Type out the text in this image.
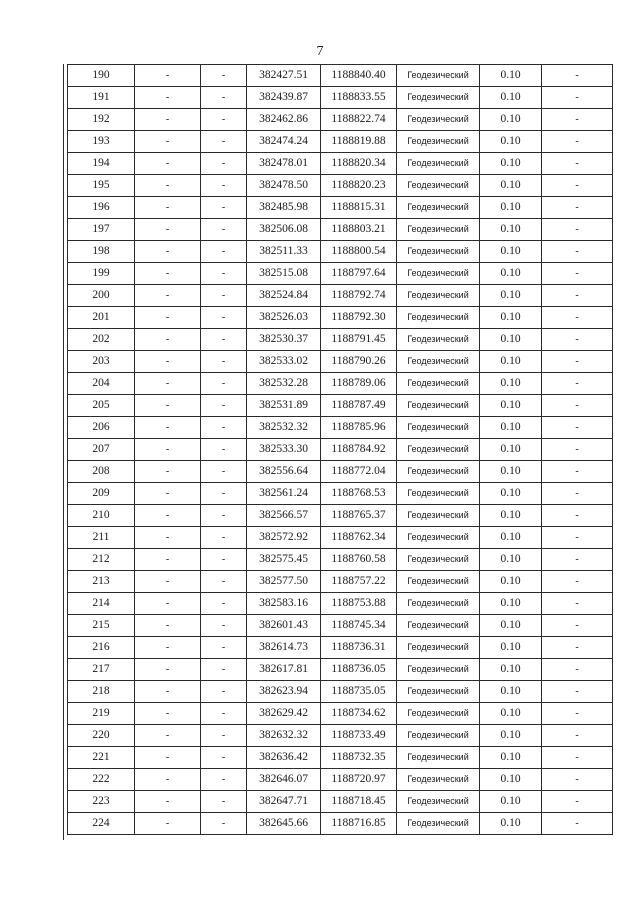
7
190	-	-	382427.51	1188840.40	Геодезический	0.10	-
191	-	-	382439.87	1188833.55	Геодезический	0.10	-
192	-	-	382462.86	1188822.74	Геодезический	0.10	-
193	-	-	382474.24	1188819.88	Геодезический	0.10	-
194	-	-	382478.01	1188820.34	Геодезический	0.10	-
195	-	-	382478.50	1188820.23	Геодезический	0.10	-
196	-	-	382485.98	1188815.31	Геодезический	0.10	-
197	-	-	382506.08	1188803.21	Геодезический	0.10	-
198	-	-	382511.33	1188800.54	Геодезический	0.10	-
199	-	-	382515.08	1188797.64	Геодезический	0.10	-
200	-	-	382524.84	1188792.74	Геодезический	0.10	-
201	-	-	382526.03	1188792.30	Геодезический	0.10	-
202	-	-	382530.37	1188791.45	Геодезический	0.10	-
203	-	-	382533.02	1188790.26	Геодезический	0.10	-
204	-	-	382532.28	1188789.06	Геодезический	0.10	-
205	-	-	382531.89	1188787.49	Геодезический	0.10	-
206	-	-	382532.32	1188785.96	Геодезический	0.10	-
207	-	-	382533.30	1188784.92	Геодезический	0.10	-
208	-	-	382556.64	1188772.04	Геодезический	0.10	-
209	-	-	382561.24	1188768.53	Геодезический	0.10	-
210	-	-	382566.57	1188765.37	Геодезический	0.10	-
211	-	-	382572.92	1188762.34	Геодезический	0.10	-
212	-	-	382575.45	1188760.58	Геодезический	0.10	-
213	-	-	382577.50	1188757.22	Геодезический	0.10	-
214	-	-	382583.16	1188753.88	Геодезический	0.10	-
215	-	-	382601.43	1188745.34	Геодезический	0.10	-
216	-	-	382614.73	1188736.31	Геодезический	0.10	-
217	-	-	382617.81	1188736.05	Геодезический	0.10	-
218	-	-	382623.94	1188735.05	Геодезический	0.10	-
219	-	-	382629.42	1188734.62	Геодезический	0.10	-
220	-	-	382632.32	1188733.49	Геодезический	0.10	-
221	-	-	382636.42	1188732.35	Геодезический	0.10	-
222	-	-	382646.07	1188720.97	Геодезический	0.10	-
223	-	-	382647.71	1188718.45	Геодезический	0.10	-
224	-	-	382645.66	1188716.85	Геодезический	0.10	-
